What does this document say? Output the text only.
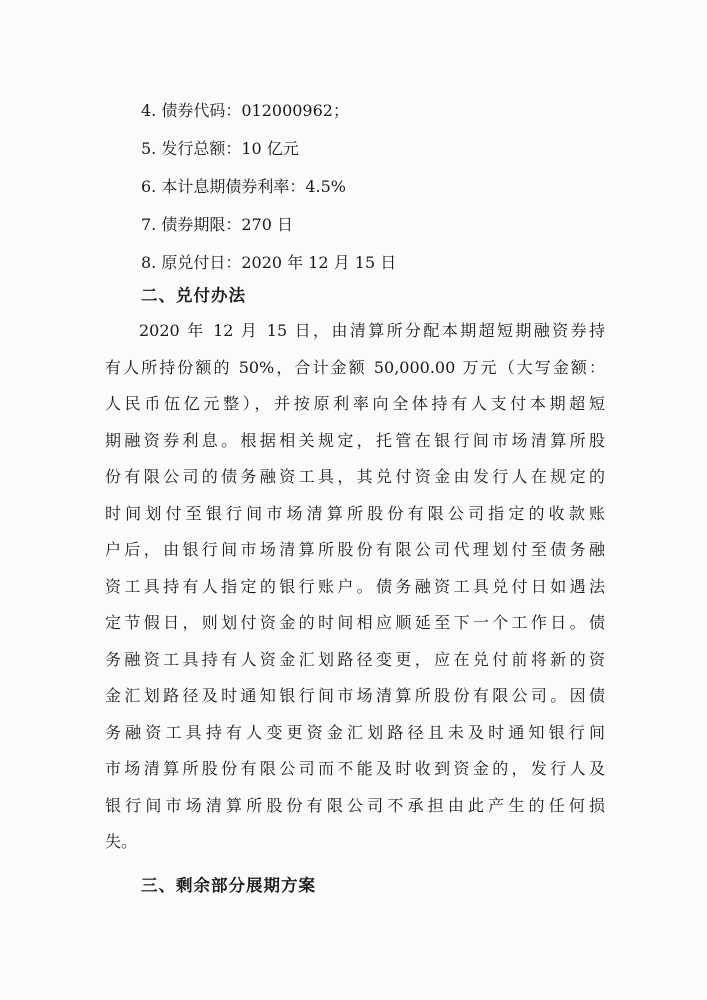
4. 债券代码：012000962；
5. 发行总额：10 亿元
6. 本计息期债券利率：4.5%
7. 债券期限：270 日
8. 原兑付日：2020 年 12 月 15 日
二、兑付办法
2020 年 12 月 15 日，由清算所分配本期超短期融资券持
有人所持份额的 50%，合计金额 50,000.00 万元（大写金额：
人民币伍亿元整），并按原利率向全体持有人支付本期超短
期融资券利息。根据相关规定，托管在银行间市场清算所股
份有限公司的债务融资工具，其兑付资金由发行人在规定的
时间划付至银行间市场清算所股份有限公司指定的收款账
户后，由银行间市场清算所股份有限公司代理划付至债务融
资工具持有人指定的银行账户。债务融资工具兑付日如遇法
定节假日，则划付资金的时间相应顺延至下一个工作日。债
务融资工具持有人资金汇划路径变更，应在兑付前将新的资
金汇划路径及时通知银行间市场清算所股份有限公司。因债
务融资工具持有人变更资金汇划路径且未及时通知银行间
市场清算所股份有限公司而不能及时收到资金的，发行人及
银行间市场清算所股份有限公司不承担由此产生的任何损
失。
三、剩余部分展期方案
